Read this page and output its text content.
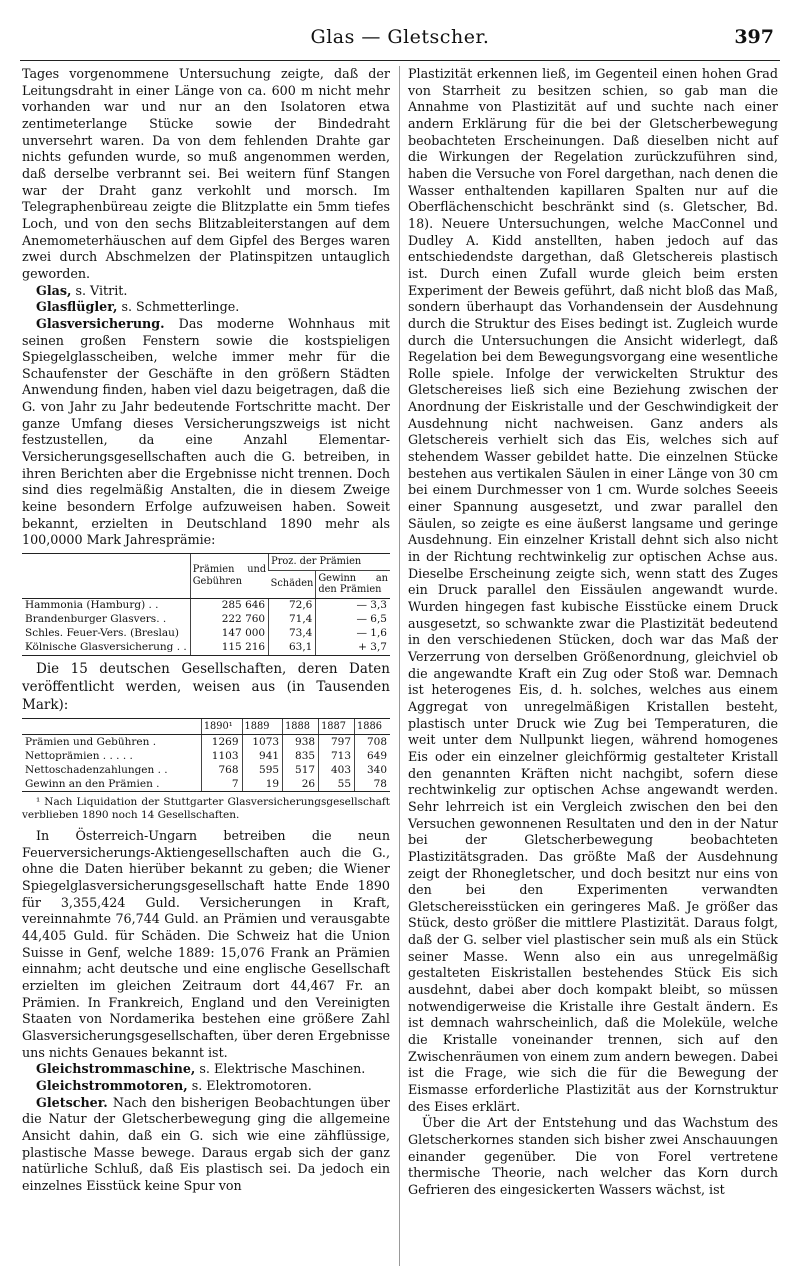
Glas — Gletscher.	397

Tages vorgenommene Untersuchung zeigte, daß der Leitungsdraht in einer Länge von ca. 600 m nicht mehr vorhanden war und nur an den Isolatoren etwa zentimeterlange Stücke sowie der Bindedraht unversehrt waren. Da von dem fehlenden Drahte gar nichts gefunden wurde, so muß angenommen werden, daß derselbe verbrannt sei. Bei weitern fünf Stangen war der Draht ganz verkohlt und morsch. Im Telegraphenbüreau zeigte die Blitzplatte ein 5mm tiefes Loch, und von den sechs Blitzableiterstangen auf dem Anemometerhäuschen auf dem Gipfel des Berges waren zwei durch Abschmelzen der Platinspitzen untauglich geworden.

Glas, s. Vitrit.

Glasflügler, s. Schmetterlinge.

Glasversicherung. Das moderne Wohnhaus mit seinen großen Fenstern sowie die kostspieligen Spiegelglasscheiben, welche immer mehr für die Schaufenster der Geschäfte in den größern Städten Anwendung finden, haben viel dazu beigetragen, daß die G. von Jahr zu Jahr bedeutende Fortschritte macht. Der ganze Umfang dieses Versicherungszweigs ist nicht festzustellen, da eine Anzahl Elementar-Versicherungsgesellschaften auch die G. betreiben, in ihren Berichten aber die Ergebnisse nicht trennen. Doch sind dies regelmäßig Anstalten, die in diesem Zweige keine besondern Erfolge aufzuweisen haben. Soweit bekannt, erzielten in Deutschland 1890 mehr als 100,0000 Mark Jahresprämie:

	Prämien und Gebühren	Proz. der Prämien	
		Schäden	Gewinn an den Prämien
Hammonia (Hamburg) . .	285 646	72,6	— 3,3
Brandenburger Glasvers. .	222 760	71,4	— 6,5
Schles. Feuer-Vers. (Breslau)	147 000	73,4	— 1,6
Kölnische Glasversicherung . .	115 216	63,1	+ 3,7

Die 15 deutschen Gesellschaften, deren Daten veröffentlicht werden, weisen aus (in Tausenden Mark):

	1890¹	1889	1888	1887	1886
Prämien und Gebühren .	1269	1073	938	797	708
Nettoprämien . . . . .	1103	941	835	713	649
Nettoschadenzahlungen . .	768	595	517	403	340
Gewinn an den Prämien .	7	19	26	55	78

¹ Nach Liquidation der Stuttgarter Glasversicherungsgesellschaft verblieben 1890 noch 14 Gesellschaften.

In Österreich-Ungarn betreiben die neun Feuerversicherungs-Aktiengesellschaften auch die G., ohne die Daten hierüber bekannt zu geben; die Wiener Spiegelglasversicherungsgesellschaft hatte Ende 1890 für 3,355,424 Guld. Versicherungen in Kraft, vereinnahmte 76,744 Guld. an Prämien und verausgabte 44,405 Guld. für Schäden. Die Schweiz hat die Union Suisse in Genf, welche 1889: 15,076 Frank an Prämien einnahm; acht deutsche und eine englische Gesellschaft erzielten im gleichen Zeitraum dort 44,467 Fr. an Prämien. In Frankreich, England und den Vereinigten Staaten von Nordamerika bestehen eine größere Zahl Glasversicherungsgesellschaften, über deren Ergebnisse uns nichts Genaues bekannt ist.

Gleichstrommaschine, s. Elektrische Maschinen.

Gleichstrommotoren, s. Elektromotoren.

Gletscher. Nach den bisherigen Beobachtungen über die Natur der Gletscherbewegung ging die allgemeine Ansicht dahin, daß ein G. sich wie eine zähflüssige, plastische Masse bewege. Daraus ergab sich der ganz natürliche Schluß, daß Eis plastisch sei. Da jedoch ein einzelnes Eisstück keine Spur von

Plastizität erkennen ließ, im Gegenteil einen hohen Grad von Starrheit zu besitzen schien, so gab man die Annahme von Plastizität auf und suchte nach einer andern Erklärung für die bei der Gletscherbewegung beobachteten Erscheinungen. Daß dieselben nicht auf die Wirkungen der Regelation zurückzuführen sind, haben die Versuche von Forel dargethan, nach denen die Wasser enthaltenden kapillaren Spalten nur auf die Oberflächenschicht beschränkt sind (s. Gletscher, Bd. 18). Neuere Untersuchungen, welche MacConnel und Dudley A. Kidd anstellten, haben jedoch auf das entschiedendste dargethan, daß Gletschereis plastisch ist. Durch einen Zufall wurde gleich beim ersten Experiment der Beweis geführt, daß nicht bloß das Maß, sondern überhaupt das Vorhandensein der Ausdehnung durch die Struktur des Eises bedingt ist. Zugleich wurde durch die Untersuchungen die Ansicht widerlegt, daß Regelation bei dem Bewegungsvorgang eine wesentliche Rolle spiele. Infolge der verwickelten Struktur des Gletschereises ließ sich eine Beziehung zwischen der Anordnung der Eiskristalle und der Geschwindigkeit der Ausdehnung nicht nachweisen. Ganz anders als Gletschereis verhielt sich das Eis, welches sich auf stehendem Wasser gebildet hatte. Die einzelnen Stücke bestehen aus vertikalen Säulen in einer Länge von 30 cm bei einem Durchmesser von 1 cm. Wurde solches Seeeis einer Spannung ausgesetzt, und zwar parallel den Säulen, so zeigte es eine äußerst langsame und geringe Ausdehnung. Ein einzelner Kristall dehnt sich also nicht in der Richtung rechtwinkelig zur optischen Achse aus. Dieselbe Erscheinung zeigte sich, wenn statt des Zuges ein Druck parallel den Eissäulen angewandt wurde. Wurden hingegen fast kubische Eisstücke einem Druck ausgesetzt, so schwankte zwar die Plastizität bedeutend in den verschiedenen Stücken, doch war das Maß der Verzerrung von derselben Größenordnung, gleichviel ob die angewandte Kraft ein Zug oder Stoß war. Demnach ist heterogenes Eis, d. h. solches, welches aus einem Aggregat von unregelmäßigen Kristallen besteht, plastisch unter Druck wie Zug bei Temperaturen, die weit unter dem Nullpunkt liegen, während homogenes Eis oder ein einzelner gleichförmig gestalteter Kristall den genannten Kräften nicht nachgibt, sofern diese rechtwinkelig zur optischen Achse angewandt werden. Sehr lehrreich ist ein Vergleich zwischen den bei den Versuchen gewonnenen Resultaten und den in der Natur bei der Gletscherbewegung beobachteten Plastizitätsgraden. Das größte Maß der Ausdehnung zeigt der Rhonegletscher, und doch besitzt nur eins von den bei den Experimenten verwandten Gletschereisstücken ein geringeres Maß. Je größer das Stück, desto größer die mittlere Plastizität. Daraus folgt, daß der G. selber viel plastischer sein muß als ein Stück seiner Masse. Wenn also ein aus unregelmäßig gestalteten Eiskristallen bestehendes Stück Eis sich ausdehnt, dabei aber doch kompakt bleibt, so müssen notwendigerweise die Kristalle ihre Gestalt ändern. Es ist demnach wahrscheinlich, daß die Moleküle, welche die Kristalle voneinander trennen, sich auf den Zwischenräumen von einem zum andern bewegen. Dabei ist die Frage, wie sich die für die Bewegung der Eismasse erforderliche Plastizität aus der Kornstruktur des Eises erklärt.

Über die Art der Entstehung und das Wachstum des Gletscherkornes standen sich bisher zwei Anschauungen einander gegenüber. Die von Forel vertretene thermische Theorie, nach welcher das Korn durch Gefrieren des eingesickerten Wassers wächst, ist
